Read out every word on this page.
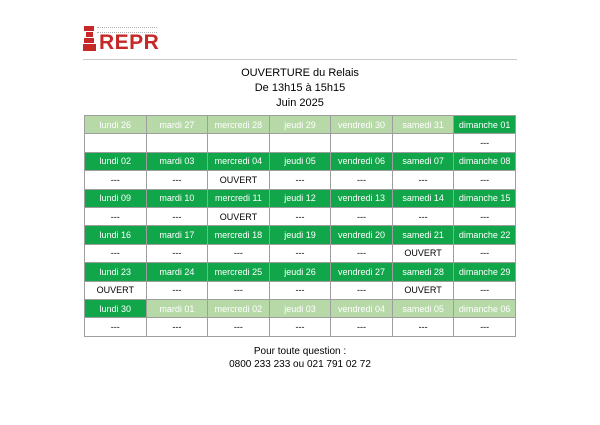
REPR
OUVERTURE du Relais
De 13h15 à 15h15
Juin 2025
lundi 26	mardi 27	mercredi 28	jeudi 29	vendredi 30	samedi 31	dimanche 01
						---
lundi 02	mardi 03	mercredi 04	jeudi 05	vendredi 06	samedi 07	dimanche 08
---	---	OUVERT	---	---	---	---
lundi 09	mardi 10	mercredi 11	jeudi 12	vendredi 13	samedi 14	dimanche 15
---	---	OUVERT	---	---	---	---
lundi 16	mardi 17	mercredi 18	jeudi 19	vendredi 20	samedi 21	dimanche 22
---	---	---	---	---	OUVERT	---
lundi 23	mardi 24	mercredi 25	jeudi 26	vendredi 27	samedi 28	dimanche 29
OUVERT	---	---	---	---	OUVERT	---
lundi 30	mardi 01	mercredi 02	jeudi 03	vendredi 04	samedi 05	dimanche 06
---	---	---	---	---	---	---
Pour toute question :
0800 233 233 ou 021 791 02 72
